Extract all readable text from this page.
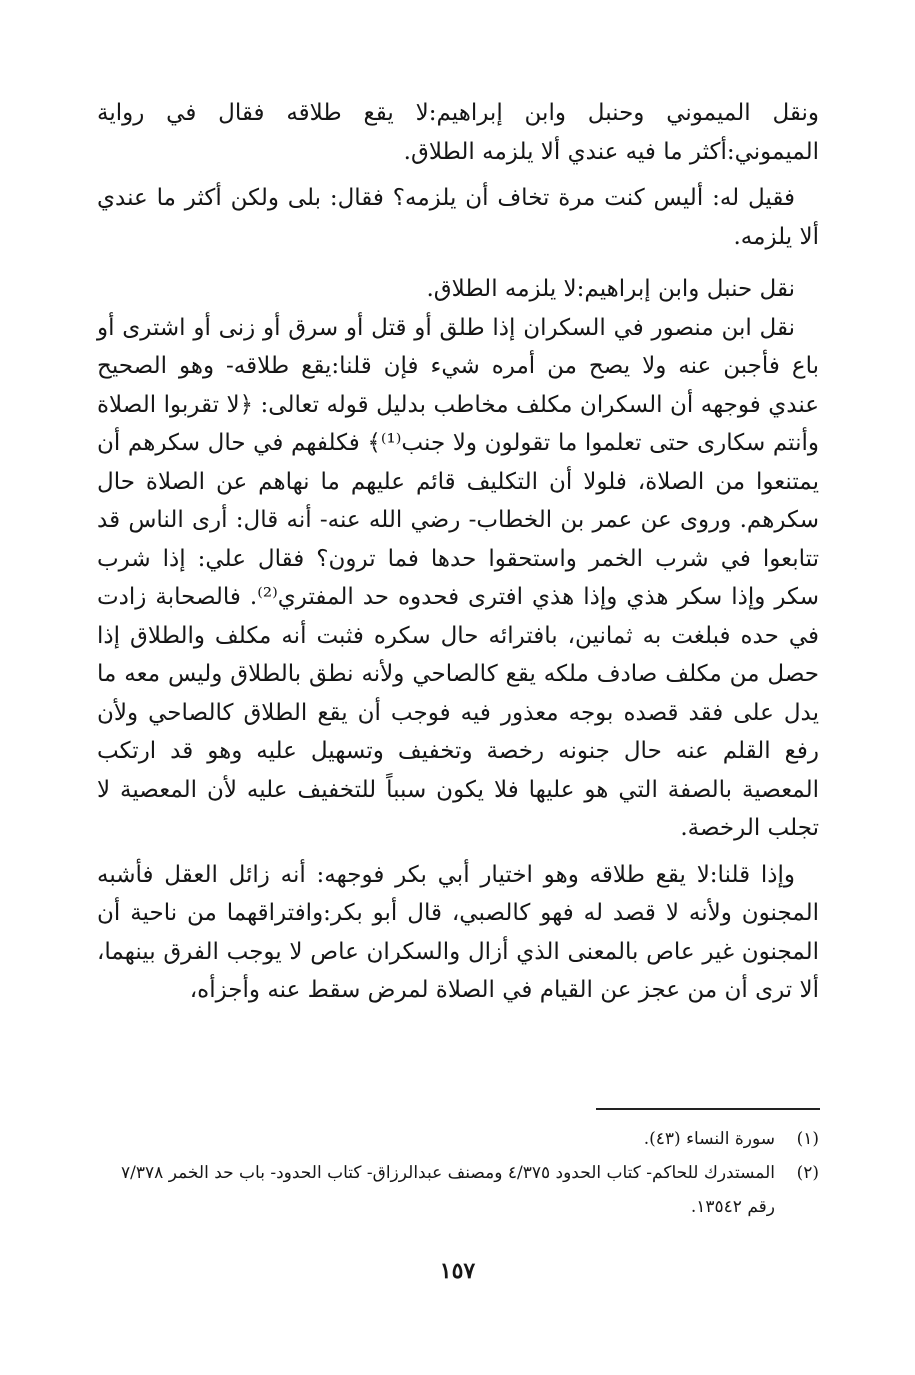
ونقل الميموني وحنبل وابن إبراهيم:لا يقع طلاقه فقال في رواية الميموني:أكثر ما فيه عندي ألا يلزمه الطلاق.

فقيل له: أليس كنت مرة تخاف أن يلزمه؟ فقال: بلى ولكن أكثر ما عندي ألا يلزمه.

نقل حنبل وابن إبراهيم:لا يلزمه الطلاق.

نقل ابن منصور في السكران إذا طلق أو قتل أو سرق أو زنى أو اشترى أو باع فأجبن عنه ولا يصح من أمره شيء فإن قلنا:يقع طلاقه- وهو الصحيح عندي فوجهه أن السكران مكلف مخاطب بدليل قوله تعالى: ﴿لا تقربوا الصلاة وأنتم سكارى حتى تعلموا ما تقولون ولا جنب⁽¹⁾﴾ فكلفهم في حال سكرهم أن يمتنعوا من الصلاة، فلولا أن التكليف قائم عليهم ما نهاهم عن الصلاة حال سكرهم. وروى عن عمر بن الخطاب- رضي الله عنه- أنه قال: أرى الناس قد تتابعوا في شرب الخمر واستحقوا حدها فما ترون؟ فقال علي: إذا شرب سكر وإذا سكر هذي وإذا هذي افترى فحدوه حد المفتري⁽²⁾. فالصحابة زادت في حده فبلغت به ثمانين، بافترائه حال سكره فثبت أنه مكلف والطلاق إذا حصل من مكلف صادف ملكه يقع كالصاحي ولأنه نطق بالطلاق وليس معه ما يدل على فقد قصده بوجه معذور فيه فوجب أن يقع الطلاق كالصاحي ولأن رفع القلم عنه حال جنونه رخصة وتخفيف وتسهيل عليه وهو قد ارتكب المعصية بالصفة التي هو عليها فلا يكون سبباً للتخفيف عليه لأن المعصية لا تجلب الرخصة.

وإذا قلنا:لا يقع طلاقه وهو اختيار أبي بكر فوجهه: أنه زائل العقل فأشبه المجنون ولأنه لا قصد له فهو كالصبي، قال أبو بكر:وافتراقهما من ناحية أن المجنون غير عاص بالمعنى الذي أزال والسكران عاص لا يوجب الفرق بينهما، ألا ترى أن من عجز عن القيام في الصلاة لمرض سقط عنه وأجزأه،

(١)
سورة النساء (٤٣).
(٢)
المستدرك للحاكم- كتاب الحدود ٤/٣٧٥ ومصنف عبدالرزاق- كتاب الحدود- باب حد الخمر ٧/٣٧٨ رقم ١٣٥٤٢.
١٥٧
